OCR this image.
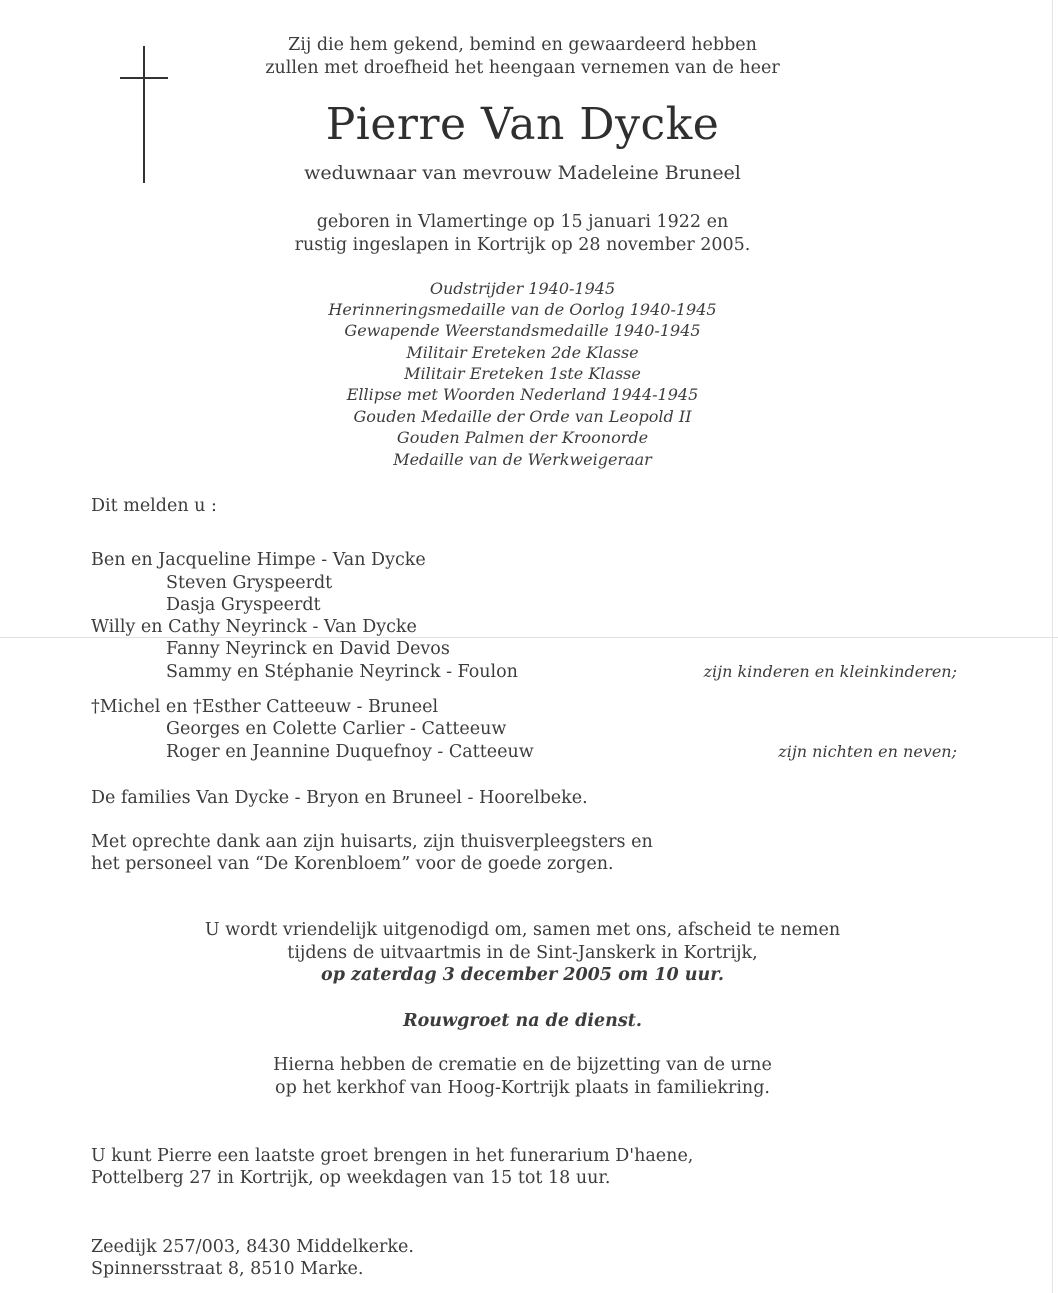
Zij die hem gekend, bemind en gewaardeerd hebben
zullen met droefheid het heengaan vernemen van de heer
Pierre Van Dycke
weduwnaar van mevrouw Madeleine Bruneel
geboren in Vlamertinge op 15 januari 1922 en
rustig ingeslapen in Kortrijk op 28 november 2005.
Oudstrijder 1940-1945
Herinneringsmedaille van de Oorlog 1940-1945
Gewapende Weerstandsmedaille 1940-1945
Militair Ereteken 2de Klasse
Militair Ereteken 1ste Klasse
Ellipse met Woorden Nederland 1944-1945
Gouden Medaille der Orde van Leopold II
Gouden Palmen der Kroonorde
Medaille van de Werkweigeraar
Dit melden u :
Ben en Jacqueline Himpe - Van Dycke
Steven Gryspeerdt
Dasja Gryspeerdt
Willy en Cathy Neyrinck - Van Dycke
Fanny Neyrinck en David Devos
Sammy en Stéphanie Neyrinck - Foulon	zijn kinderen en kleinkinderen;
†Michel en †Esther Catteeuw - Bruneel
Georges en Colette Carlier - Catteeuw
Roger en Jeannine Duquefnoy - Catteeuw	zijn nichten en neven;
De families Van Dycke - Bryon en Bruneel - Hoorelbeke.
Met oprechte dank aan zijn huisarts, zijn thuisverpleegsters en
het personeel van “De Korenbloem” voor de goede zorgen.
U wordt vriendelijk uitgenodigd om, samen met ons, afscheid te nemen
tijdens de uitvaartmis in de Sint-Janskerk in Kortrijk,
op zaterdag 3 december 2005 om 10 uur.
Rouwgroet na de dienst.
Hierna hebben de crematie en de bijzetting van de urne
op het kerkhof van Hoog-Kortrijk plaats in familiekring.
U kunt Pierre een laatste groet brengen in het funerarium D'haene,
Pottelberg 27 in Kortrijk, op weekdagen van 15 tot 18 uur.
Zeedijk 257/003, 8430 Middelkerke.
Spinnersstraat 8, 8510 Marke.
